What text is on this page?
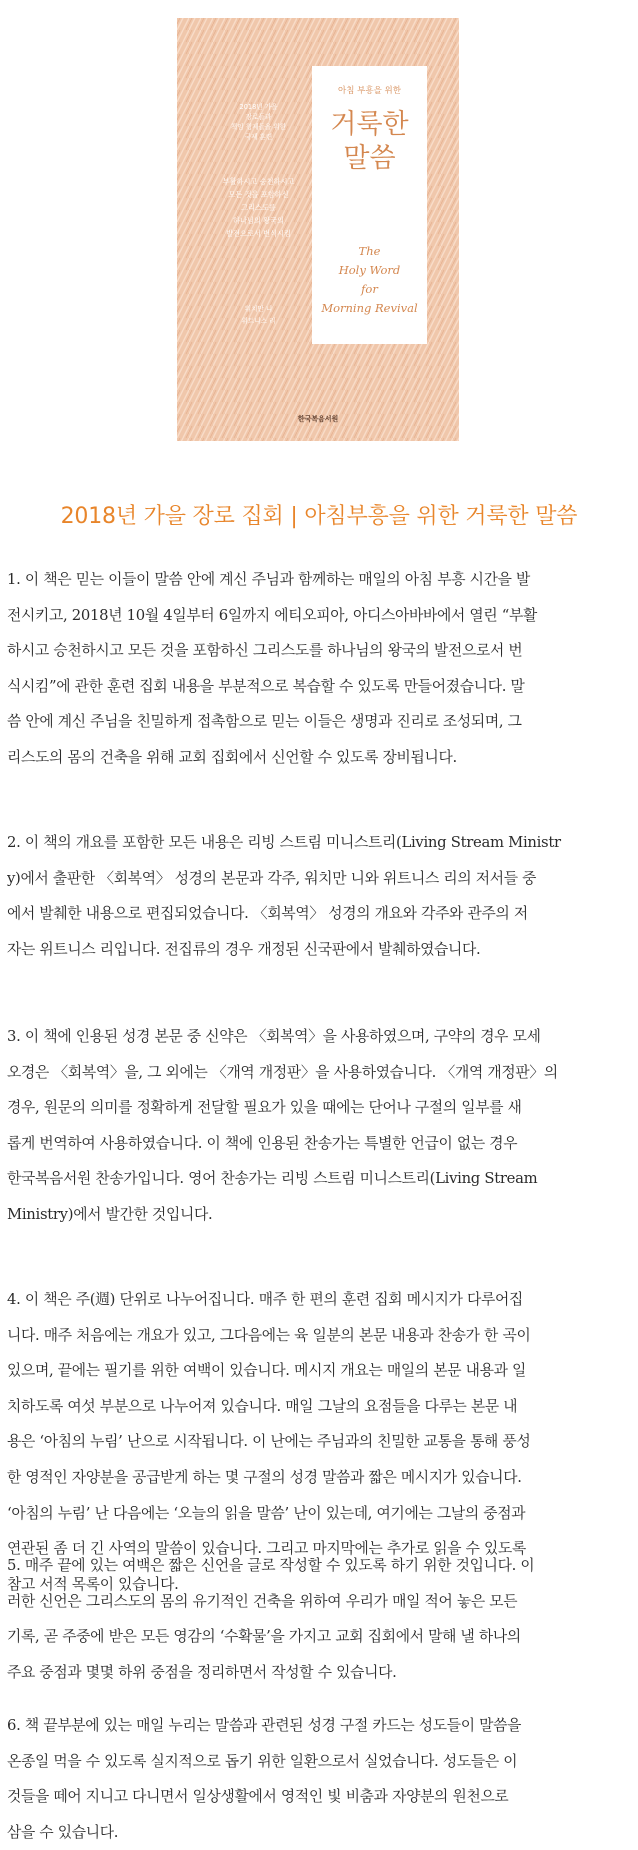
2018년 가을
장로들과
책임 형제들을 위한
국제 훈련
부활하시고 승천하시고
모든 것을 포함하신
그리스도를
하나님의 왕국의
발전으로서 번식시킴
워치만 니
위트니스 리
아침 부흥을 위한
거룩한
말씀
The
Holy Word
for
Morning Revival
한국복음서원
2018년 가을 장로 집회 | 아침부흥을 위한 거룩한 말씀
1. 이 책은 믿는 이들이 말씀 안에 계신 주님과 함께하는 매일의 아침 부흥 시간을 발
전시키고, 2018년 10월 4일부터 6일까지 에티오피아, 아디스아바바에서 열린 “부활
하시고 승천하시고 모든 것을 포함하신 그리스도를 하나님의 왕국의 발전으로서 번
식시킴”에 관한 훈련 집회 내용을 부분적으로 복습할 수 있도록 만들어졌습니다. 말
씀 안에 계신 주님을 친밀하게 접촉함으로 믿는 이들은 생명과 진리로 조성되며, 그
리스도의 몸의 건축을 위해 교회 집회에서 신언할 수 있도록 장비됩니다.
2. 이 책의 개요를 포함한 모든 내용은 리빙 스트림 미니스트리(Living Stream Ministr
y)에서 출판한 〈회복역〉 성경의 본문과 각주, 워치만 니와 위트니스 리의 저서들 중
에서 발췌한 내용으로 편집되었습니다. 〈회복역〉 성경의 개요와 각주와 관주의 저
자는 위트니스 리입니다. 전집류의 경우 개정된 신국판에서 발췌하였습니다.
3. 이 책에 인용된 성경 본문 중 신약은 〈회복역〉을 사용하였으며, 구약의 경우 모세
오경은 〈회복역〉을, 그 외에는 〈개역 개정판〉을 사용하였습니다. 〈개역 개정판〉의
경우, 원문의 의미를 정확하게 전달할 필요가 있을 때에는 단어나 구절의 일부를 새
롭게 번역하여 사용하였습니다. 이 책에 인용된 찬송가는 특별한 언급이 없는 경우
한국복음서원 찬송가입니다. 영어 찬송가는 리빙 스트림 미니스트리(Living Stream
Ministry)에서 발간한 것입니다.
4. 이 책은 주(週) 단위로 나누어집니다. 매주 한 편의 훈련 집회 메시지가 다루어집
니다. 매주 처음에는 개요가 있고, 그다음에는 육 일분의 본문 내용과 찬송가 한 곡이
있으며, 끝에는 필기를 위한 여백이 있습니다. 메시지 개요는 매일의 본문 내용과 일
치하도록 여섯 부분으로 나누어져 있습니다. 매일 그날의 요점들을 다루는 본문 내
용은 ‘아침의 누림’ 난으로 시작됩니다. 이 난에는 주님과의 친밀한 교통을 통해 풍성
한 영적인 자양분을 공급받게 하는 몇 구절의 성경 말씀과 짧은 메시지가 있습니다.
‘아침의 누림’ 난 다음에는 ‘오늘의 읽을 말씀’ 난이 있는데, 여기에는 그날의 중점과
연관된 좀 더 긴 사역의 말씀이 있습니다. 그리고 마지막에는 추가로 읽을 수 있도록
참고 서적 목록이 있습니다.
5. 매주 끝에 있는 여백은 짧은 신언을 글로 작성할 수 있도록 하기 위한 것입니다. 이
러한 신언은 그리스도의 몸의 유기적인 건축을 위하여 우리가 매일 적어 놓은 모든
기록, 곧 주중에 받은 모든 영감의 ‘수확물’을 가지고 교회 집회에서 말해 낼 하나의
주요 중점과 몇몇 하위 중점을 정리하면서 작성할 수 있습니다.
6. 책 끝부분에 있는 매일 누리는 말씀과 관련된 성경 구절 카드는 성도들이 말씀을
온종일 먹을 수 있도록 실지적으로 돕기 위한 일환으로서 실었습니다. 성도들은 이
것들을 떼어 지니고 다니면서 일상생활에서 영적인 빛 비춤과 자양분의 원천으로
삼을 수 있습니다.
